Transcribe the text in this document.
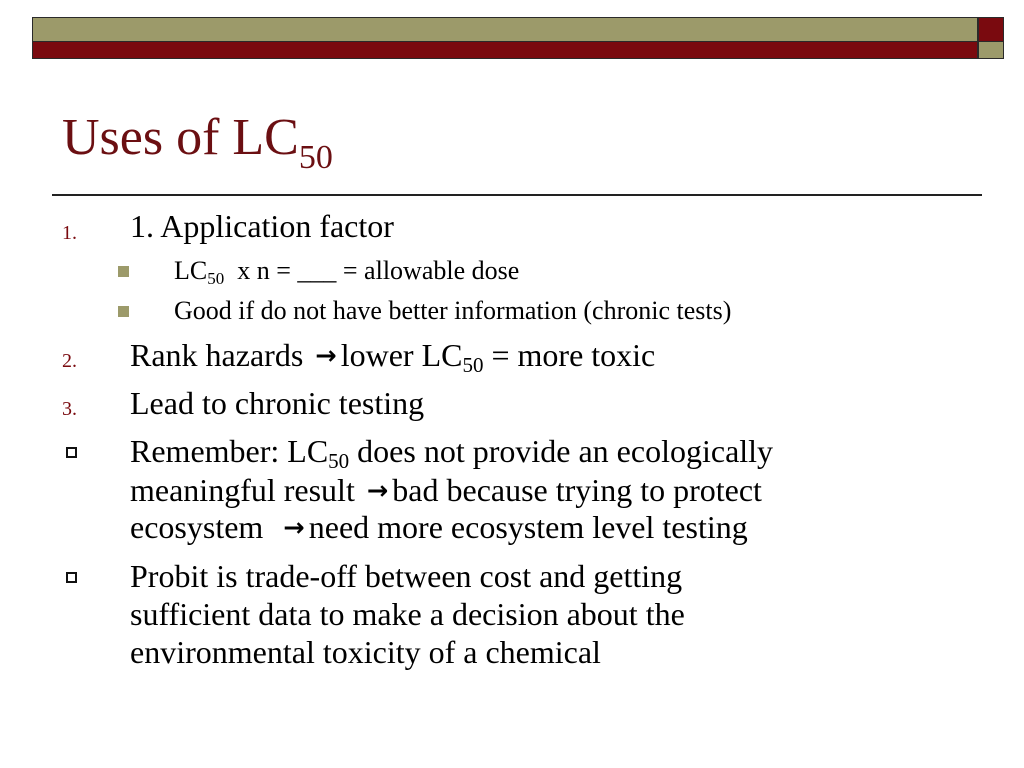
Uses of $LC_{50}$
1. 1. Application factor
$LC_{50}$ x n = ___ = allowable dose
Good if do not have better information (chronic tests)
2. Rank hazards → lower $LC_{50}$ = more toxic
3. Lead to chronic testing
Remember: $LC_{50}$ does not provide an ecologically
meaningful result → bad because trying to protect
ecosystem → need more ecosystem level testing
Probit is trade-off between cost and getting
sufficient data to make a decision about the
environmental toxicity of a chemical
